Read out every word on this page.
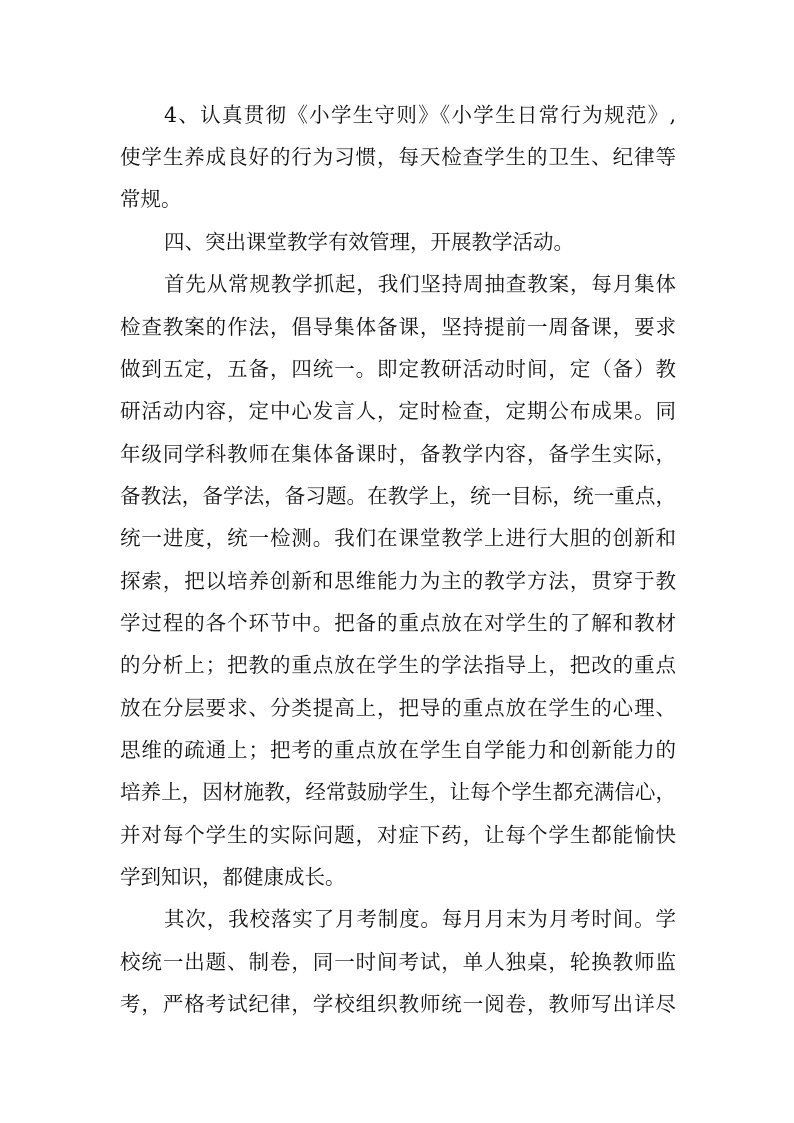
4、认真贯彻《小学生守则》《小学生日常行为规范》,
使学生养成良好的行为习惯，每天检查学生的卫生、纪律等
常规。
四、突出课堂教学有效管理，开展教学活动。
首先从常规教学抓起，我们坚持周抽查教案，每月集体
检查教案的作法，倡导集体备课，坚持提前一周备课，要求
做到五定，五备，四统一。即定教研活动时间，定（备）教
研活动内容，定中心发言人，定时检查，定期公布成果。同
年级同学科教师在集体备课时，备教学内容，备学生实际，
备教法，备学法，备习题。在教学上，统一目标，统一重点，
统一进度，统一检测。我们在课堂教学上进行大胆的创新和
探索，把以培养创新和思维能力为主的教学方法，贯穿于教
学过程的各个环节中。把备的重点放在对学生的了解和教材
的分析上；把教的重点放在学生的学法指导上，把改的重点
放在分层要求、分类提高上，把导的重点放在学生的心理、
思维的疏通上；把考的重点放在学生自学能力和创新能力的
培养上，因材施教，经常鼓励学生，让每个学生都充满信心，
并对每个学生的实际问题，对症下药，让每个学生都能愉快
学到知识，都健康成长。
其次，我校落实了月考制度。每月月末为月考时间。学
校统一出题、制卷，同一时间考试，单人独桌，轮换教师监
考，严格考试纪律，学校组织教师统一阅卷，教师写出详尽
